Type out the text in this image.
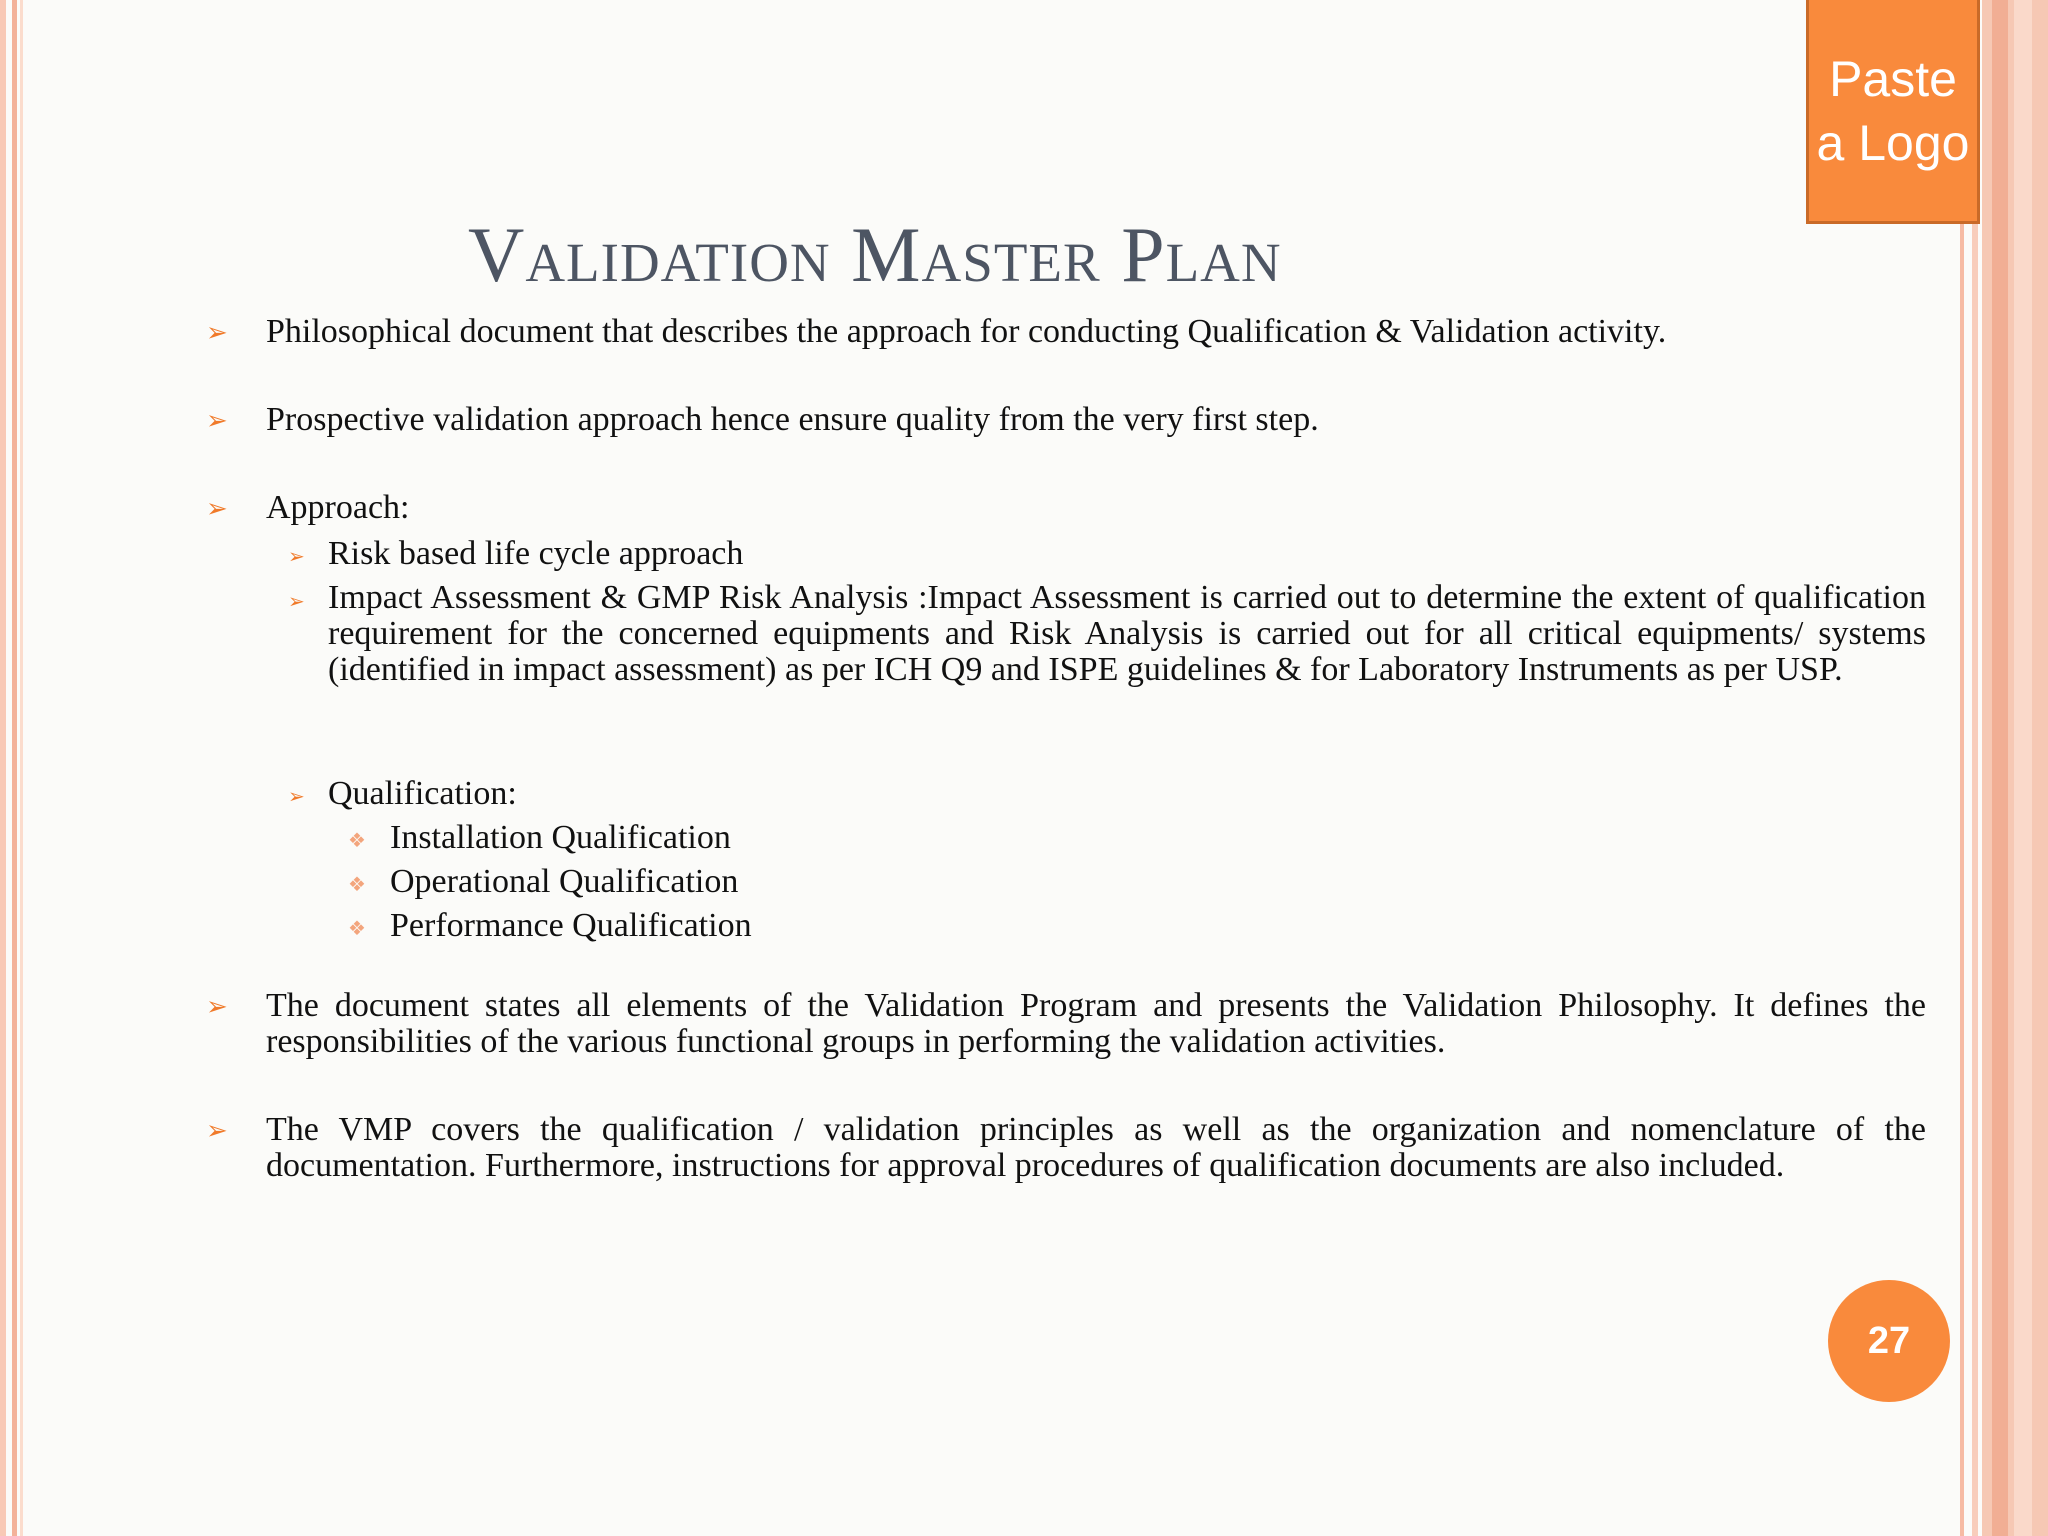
Paste
a Logo
Validation Master Plan
➢ Philosophical document that describes the approach for conducting Qualification & Validation activity.
➢ Prospective validation approach hence ensure quality from the very first step.
➢ Approach:
➢ Risk based life cycle approach
➢ Impact Assessment & GMP Risk Analysis :Impact Assessment is carried out to determine the extent of qualification requirement for the concerned equipments and Risk Analysis is carried out for all critical equipments/ systems (identified in impact assessment) as per ICH Q9 and ISPE guidelines & for Laboratory Instruments as per USP.
➢ Qualification:
❖ Installation Qualification
❖ Operational Qualification
❖ Performance Qualification
➢ The document states all elements of the Validation Program and presents the Validation Philosophy. It defines the responsibilities of the various functional groups in performing the validation activities.
➢ The VMP covers the qualification / validation principles as well as the organization and nomenclature of the documentation. Furthermore, instructions for approval procedures of qualification documents are also included.
27
